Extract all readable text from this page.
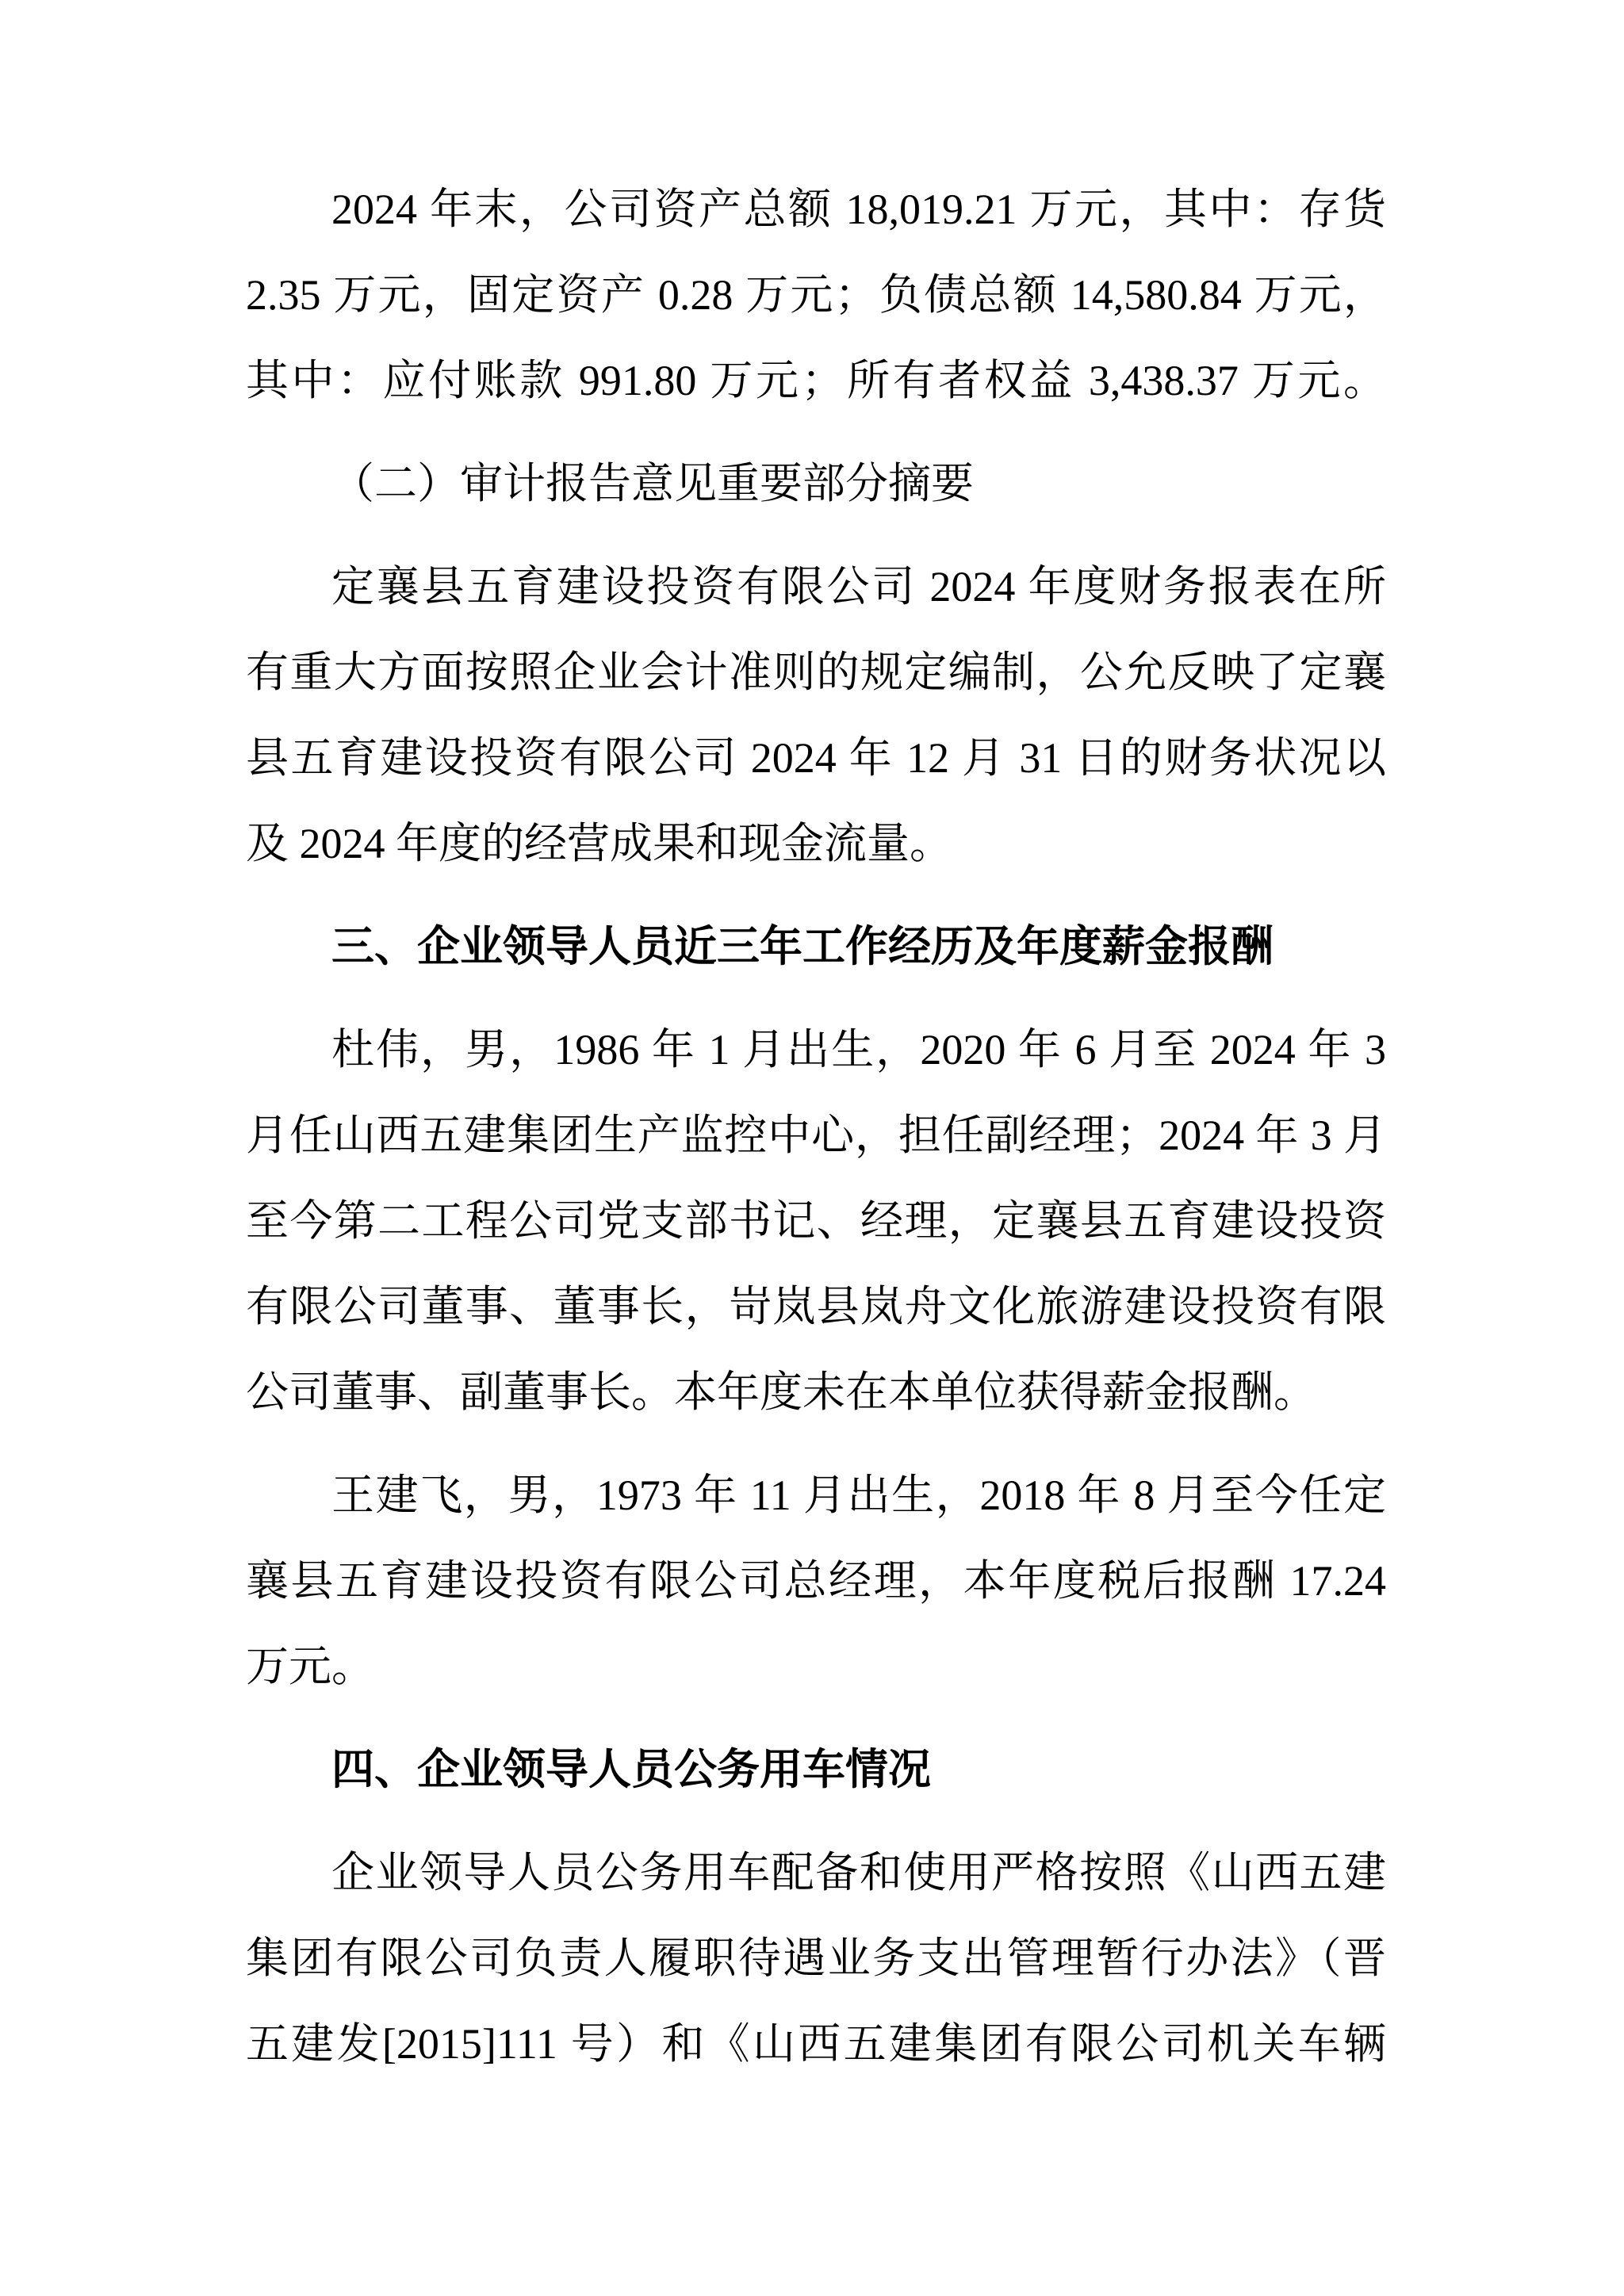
2024 年末，公司资产总额 18,019.21 万元，其中：存货
2.35 万元，固定资产 0.28 万元；负债总额 14,580.84 万元，
其中：应付账款 991.80 万元；所有者权益 3,438.37 万元。
（二）审计报告意见重要部分摘要
定襄县五育建设投资有限公司 2024 年度财务报表在所
有重大方面按照企业会计准则的规定编制，公允反映了定襄
县五育建设投资有限公司 2024 年 12 月 31 日的财务状况以
及 2024 年度的经营成果和现金流量。
三、企业领导人员近三年工作经历及年度薪金报酬
杜伟，男，1986 年 1 月出生，2020 年 6 月至 2024 年 3
月任山西五建集团生产监控中心，担任副经理；2024 年 3 月
至今第二工程公司党支部书记、经理，定襄县五育建设投资
有限公司董事、董事长，岢岚县岚舟文化旅游建设投资有限
公司董事、副董事长。本年度未在本单位获得薪金报酬。
王建飞，男，1973 年 11 月出生，2018 年 8 月至今任定
襄县五育建设投资有限公司总经理，本年度税后报酬 17.24
万元。
四、企业领导人员公务用车情况
企业领导人员公务用车配备和使用严格按照《山西五建
集团有限公司负责人履职待遇业务支出管理暂行办法》（晋
五建发[2015]111 号）和《山西五建集团有限公司机关车辆
